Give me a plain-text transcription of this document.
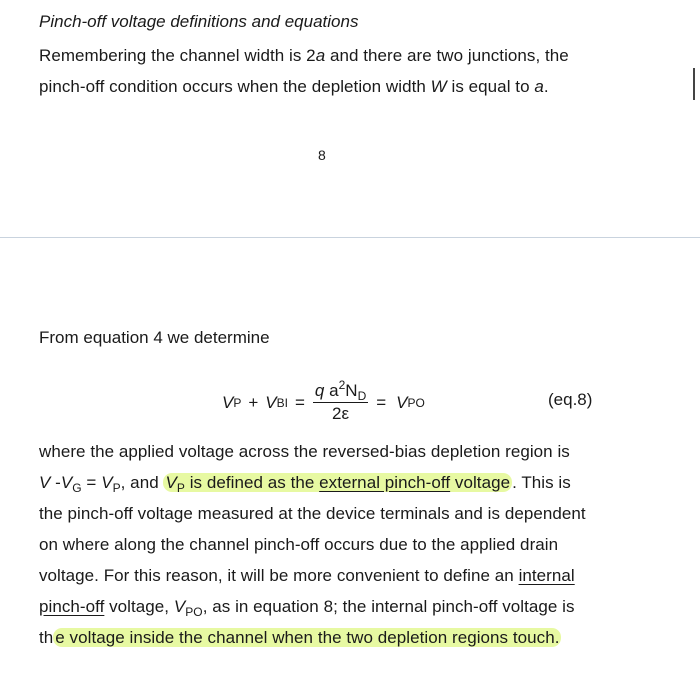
Pinch-off voltage definitions and equations
Remembering the channel width is 2a and there are two junctions, the
pinch-off condition occurs when the depletion width W is equal to a.
8
From equation 4 we determine
V P + V BI = $\frac{q a^2N_D}{2\varepsilon} = V$ PO	(eq.8)
where the applied voltage across the reversed-bias depletion region is
V $-V_G = V_P$, and $V_P$ is defined as the external pinch-off voltage . This is
the pinch-off voltage measured at the device terminals and is dependent
on where along the channel pinch-off occurs due to the applied drain
voltage. For this reason, it will be more convenient to define an internal
pinch-off voltage, $V_{PO}$, as in equation 8; the internal pinch-off voltage is
th e voltage inside the channel when the two depletion regions touch.
